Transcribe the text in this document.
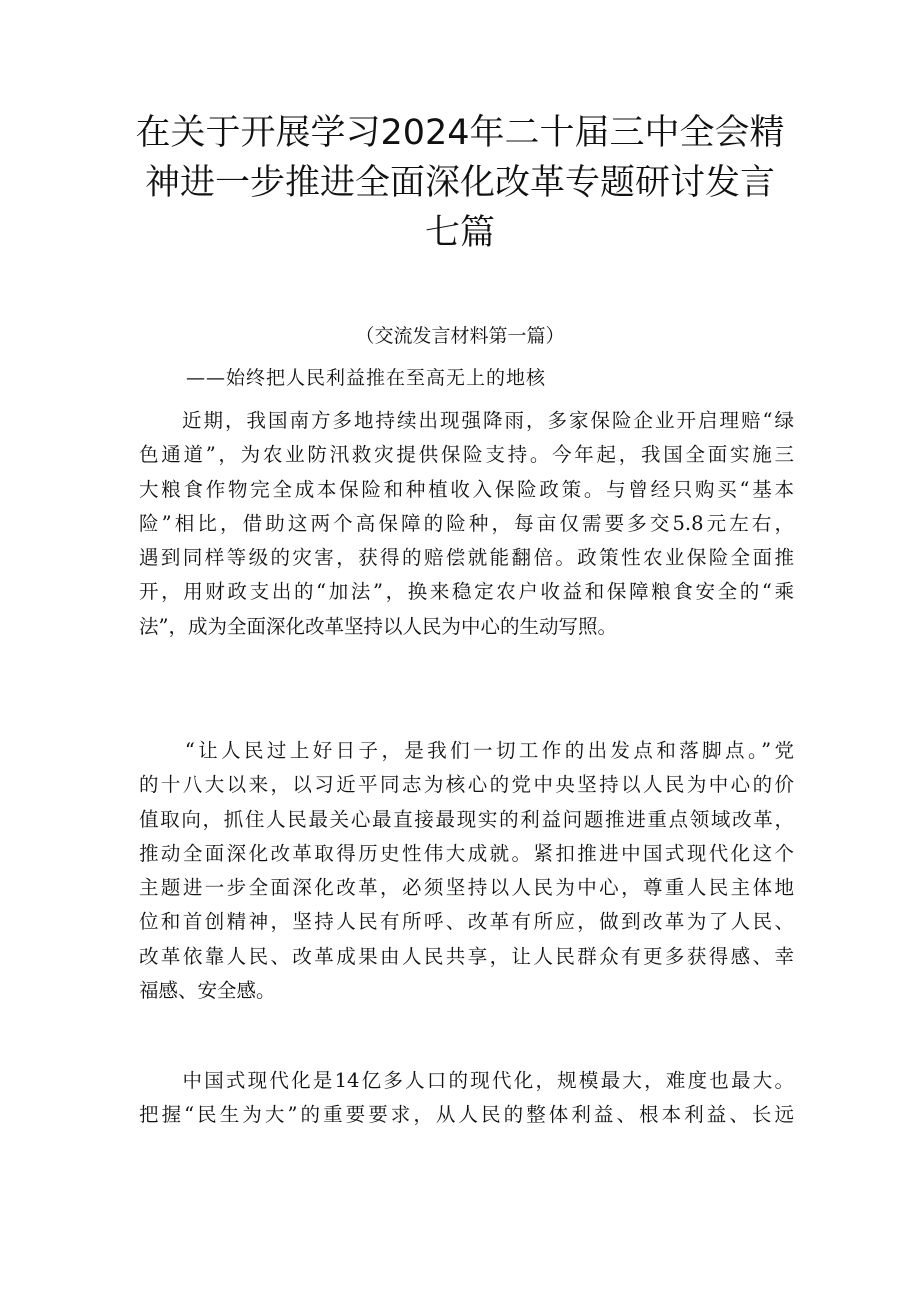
在关于开展学习2024年二十届三中全会精
神进一步推进全面深化改革专题研讨发言
七篇
（交流发言材料第一篇）
——始终把人民利益推在至高无上的地核
　　近期，我国南方多地持续出现强降雨，多家保险企业开启理赔“绿
色通道”，为农业防汛救灾提供保险支持。今年起，我国全面实施三
大粮食作物完全成本保险和种植收入保险政策。与曾经只购买“基本
险”相比，借助这两个高保障的险种，每亩仅需要多交5.8元左右，
遇到同样等级的灾害，获得的赔偿就能翻倍。政策性农业保险全面推
开，用财政支出的“加法”，换来稳定农户收益和保障粮食安全的“乘
法”，成为全面深化改革坚持以人民为中心的生动写照。
　　“让人民过上好日子，是我们一切工作的出发点和落脚点。”党
的十八大以来，以习近平同志为核心的党中央坚持以人民为中心的价
值取向，抓住人民最关心最直接最现实的利益问题推进重点领域改革，
推动全面深化改革取得历史性伟大成就。紧扣推进中国式现代化这个
主题进一步全面深化改革，必须坚持以人民为中心，尊重人民主体地
位和首创精神，坚持人民有所呼、改革有所应，做到改革为了人民、
改革依靠人民、改革成果由人民共享，让人民群众有更多获得感、幸
福感、安全感。
　　中国式现代化是14亿多人口的现代化，规模最大，难度也最大。
把握“民生为大”的重要要求，从人民的整体利益、根本利益、长远
